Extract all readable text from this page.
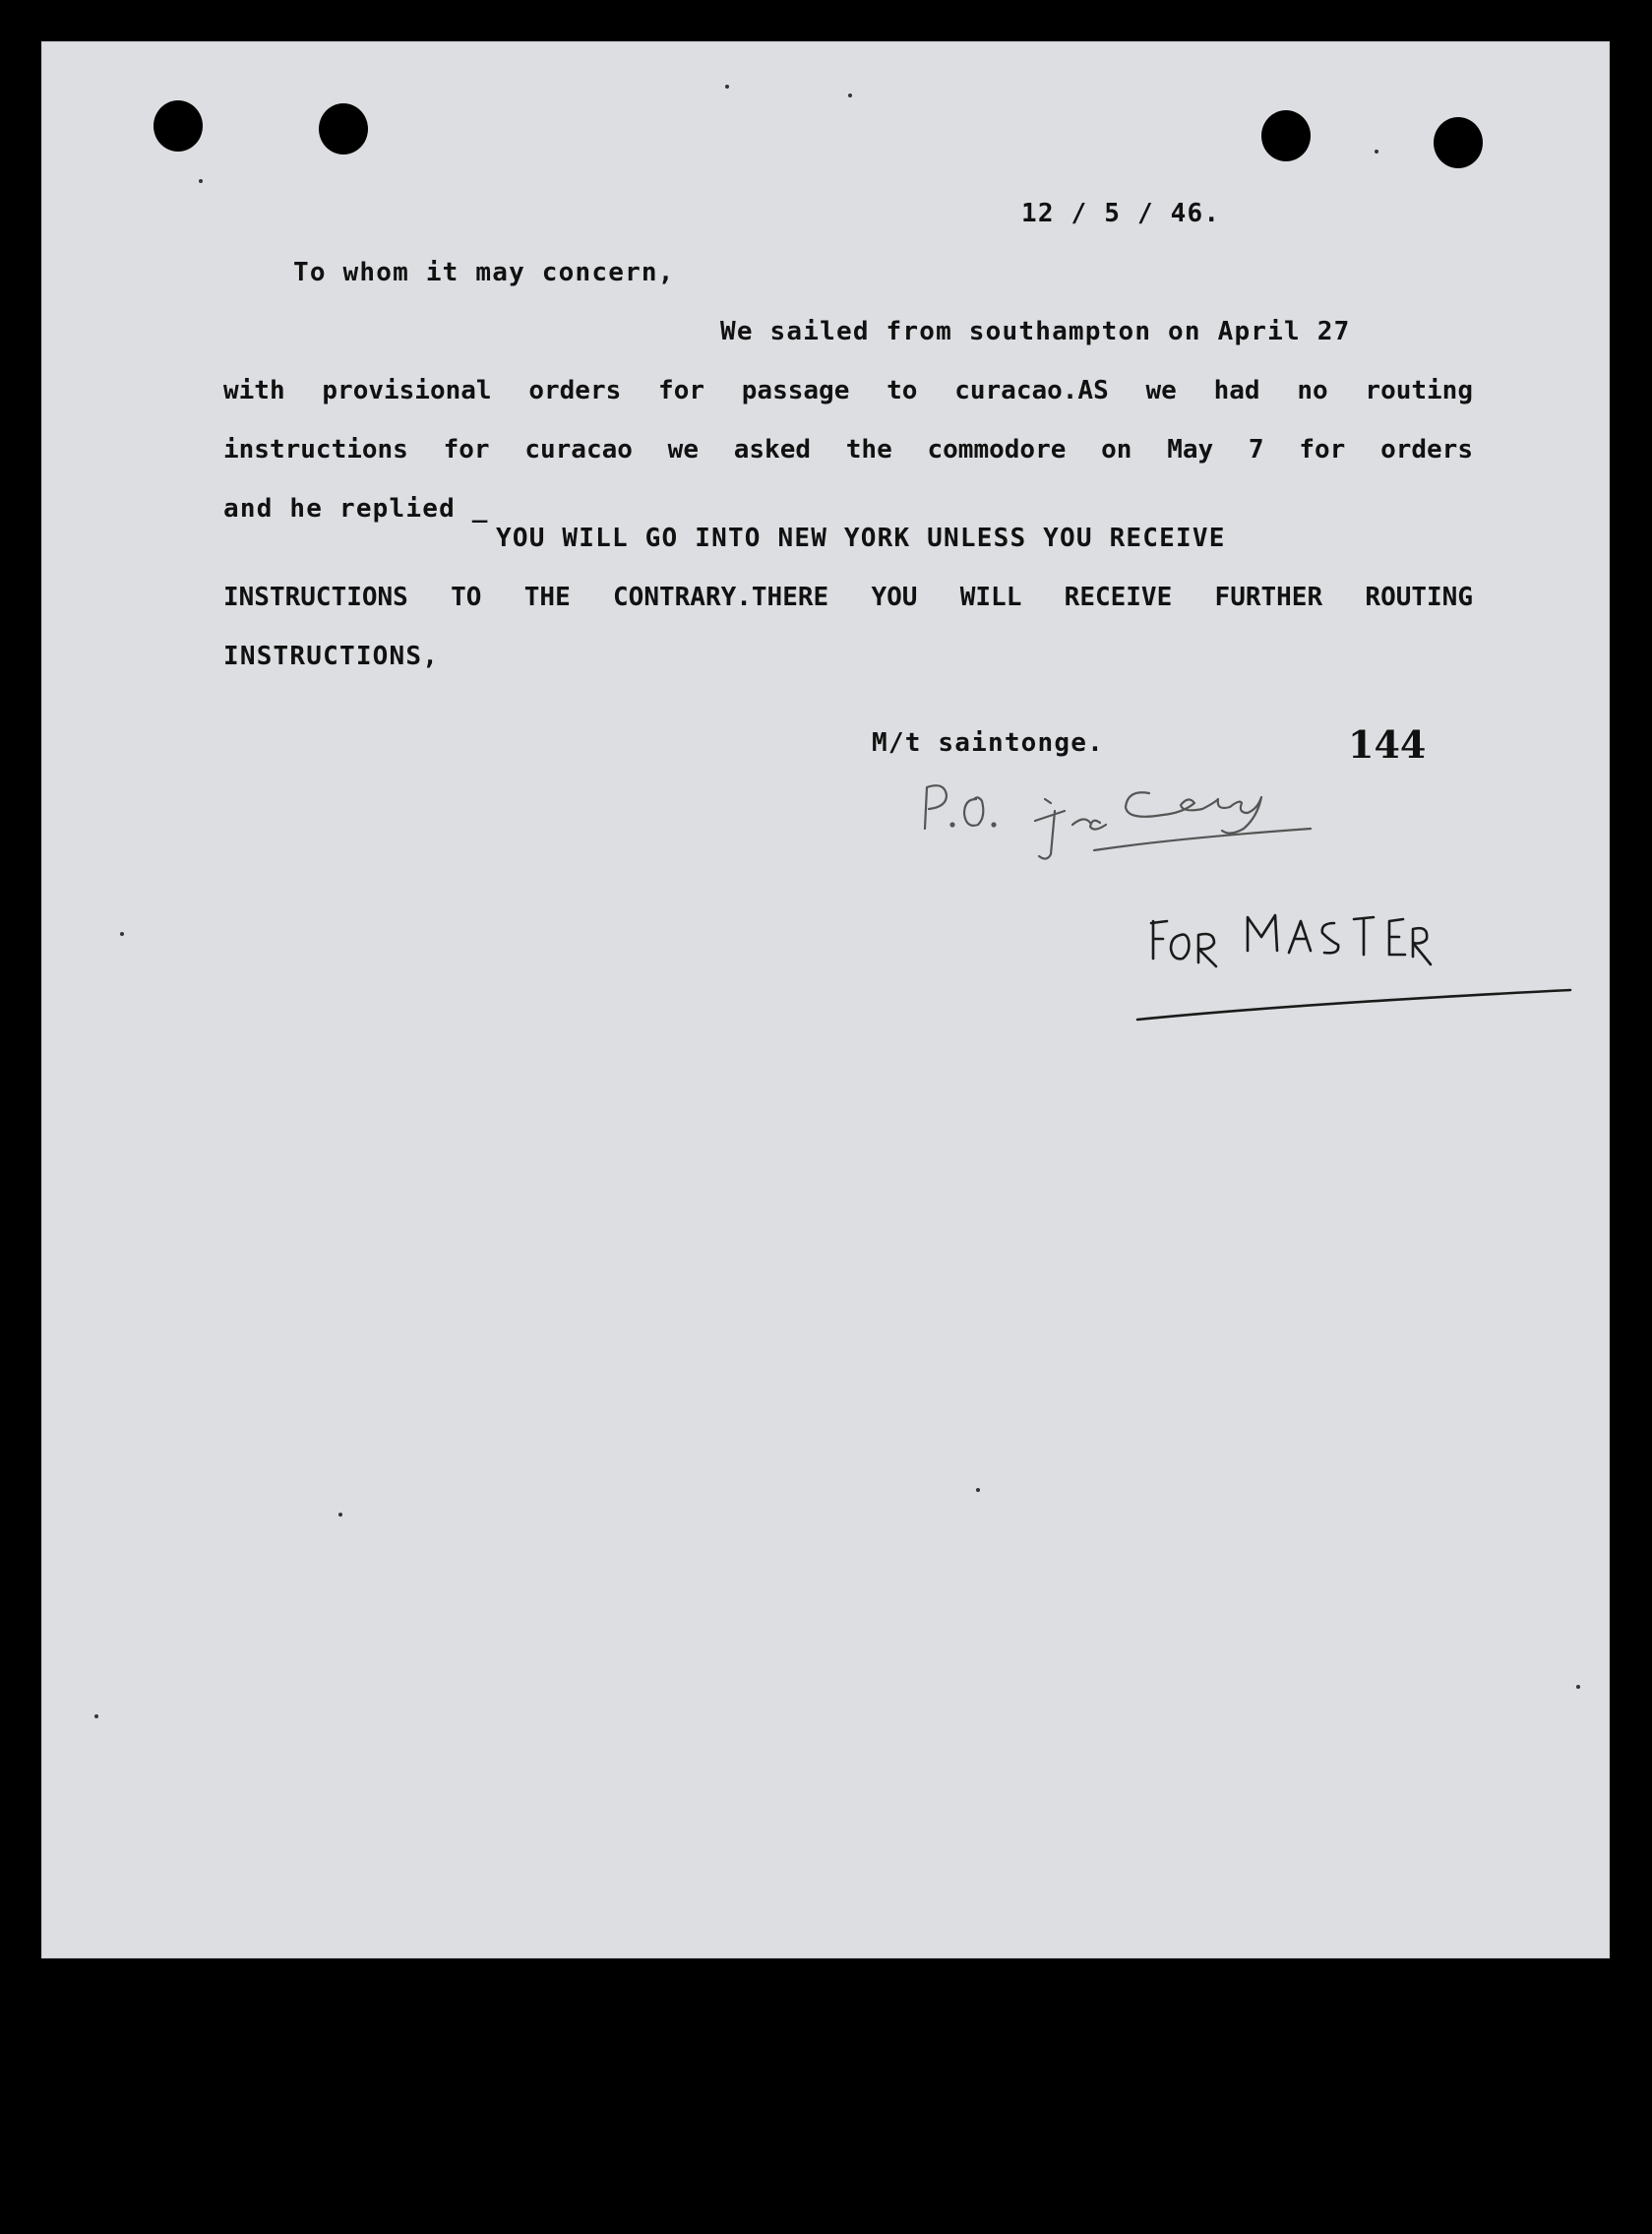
12 / 5 / 46.
To whom it may concern,
We sailed from southampton on April 27
with provisional orders for passage to curacao.AS we had no routing
instructions for curacao we asked the commodore on May 7 for orders
and he replied _
YOU WILL GO INTO NEW YORK UNLESS YOU RECEIVE
INSTRUCTIONS TO THE CONTRARY.THERE YOU WILL RECEIVE FURTHER ROUTING
INSTRUCTIONS,
M/t saintonge.	144
